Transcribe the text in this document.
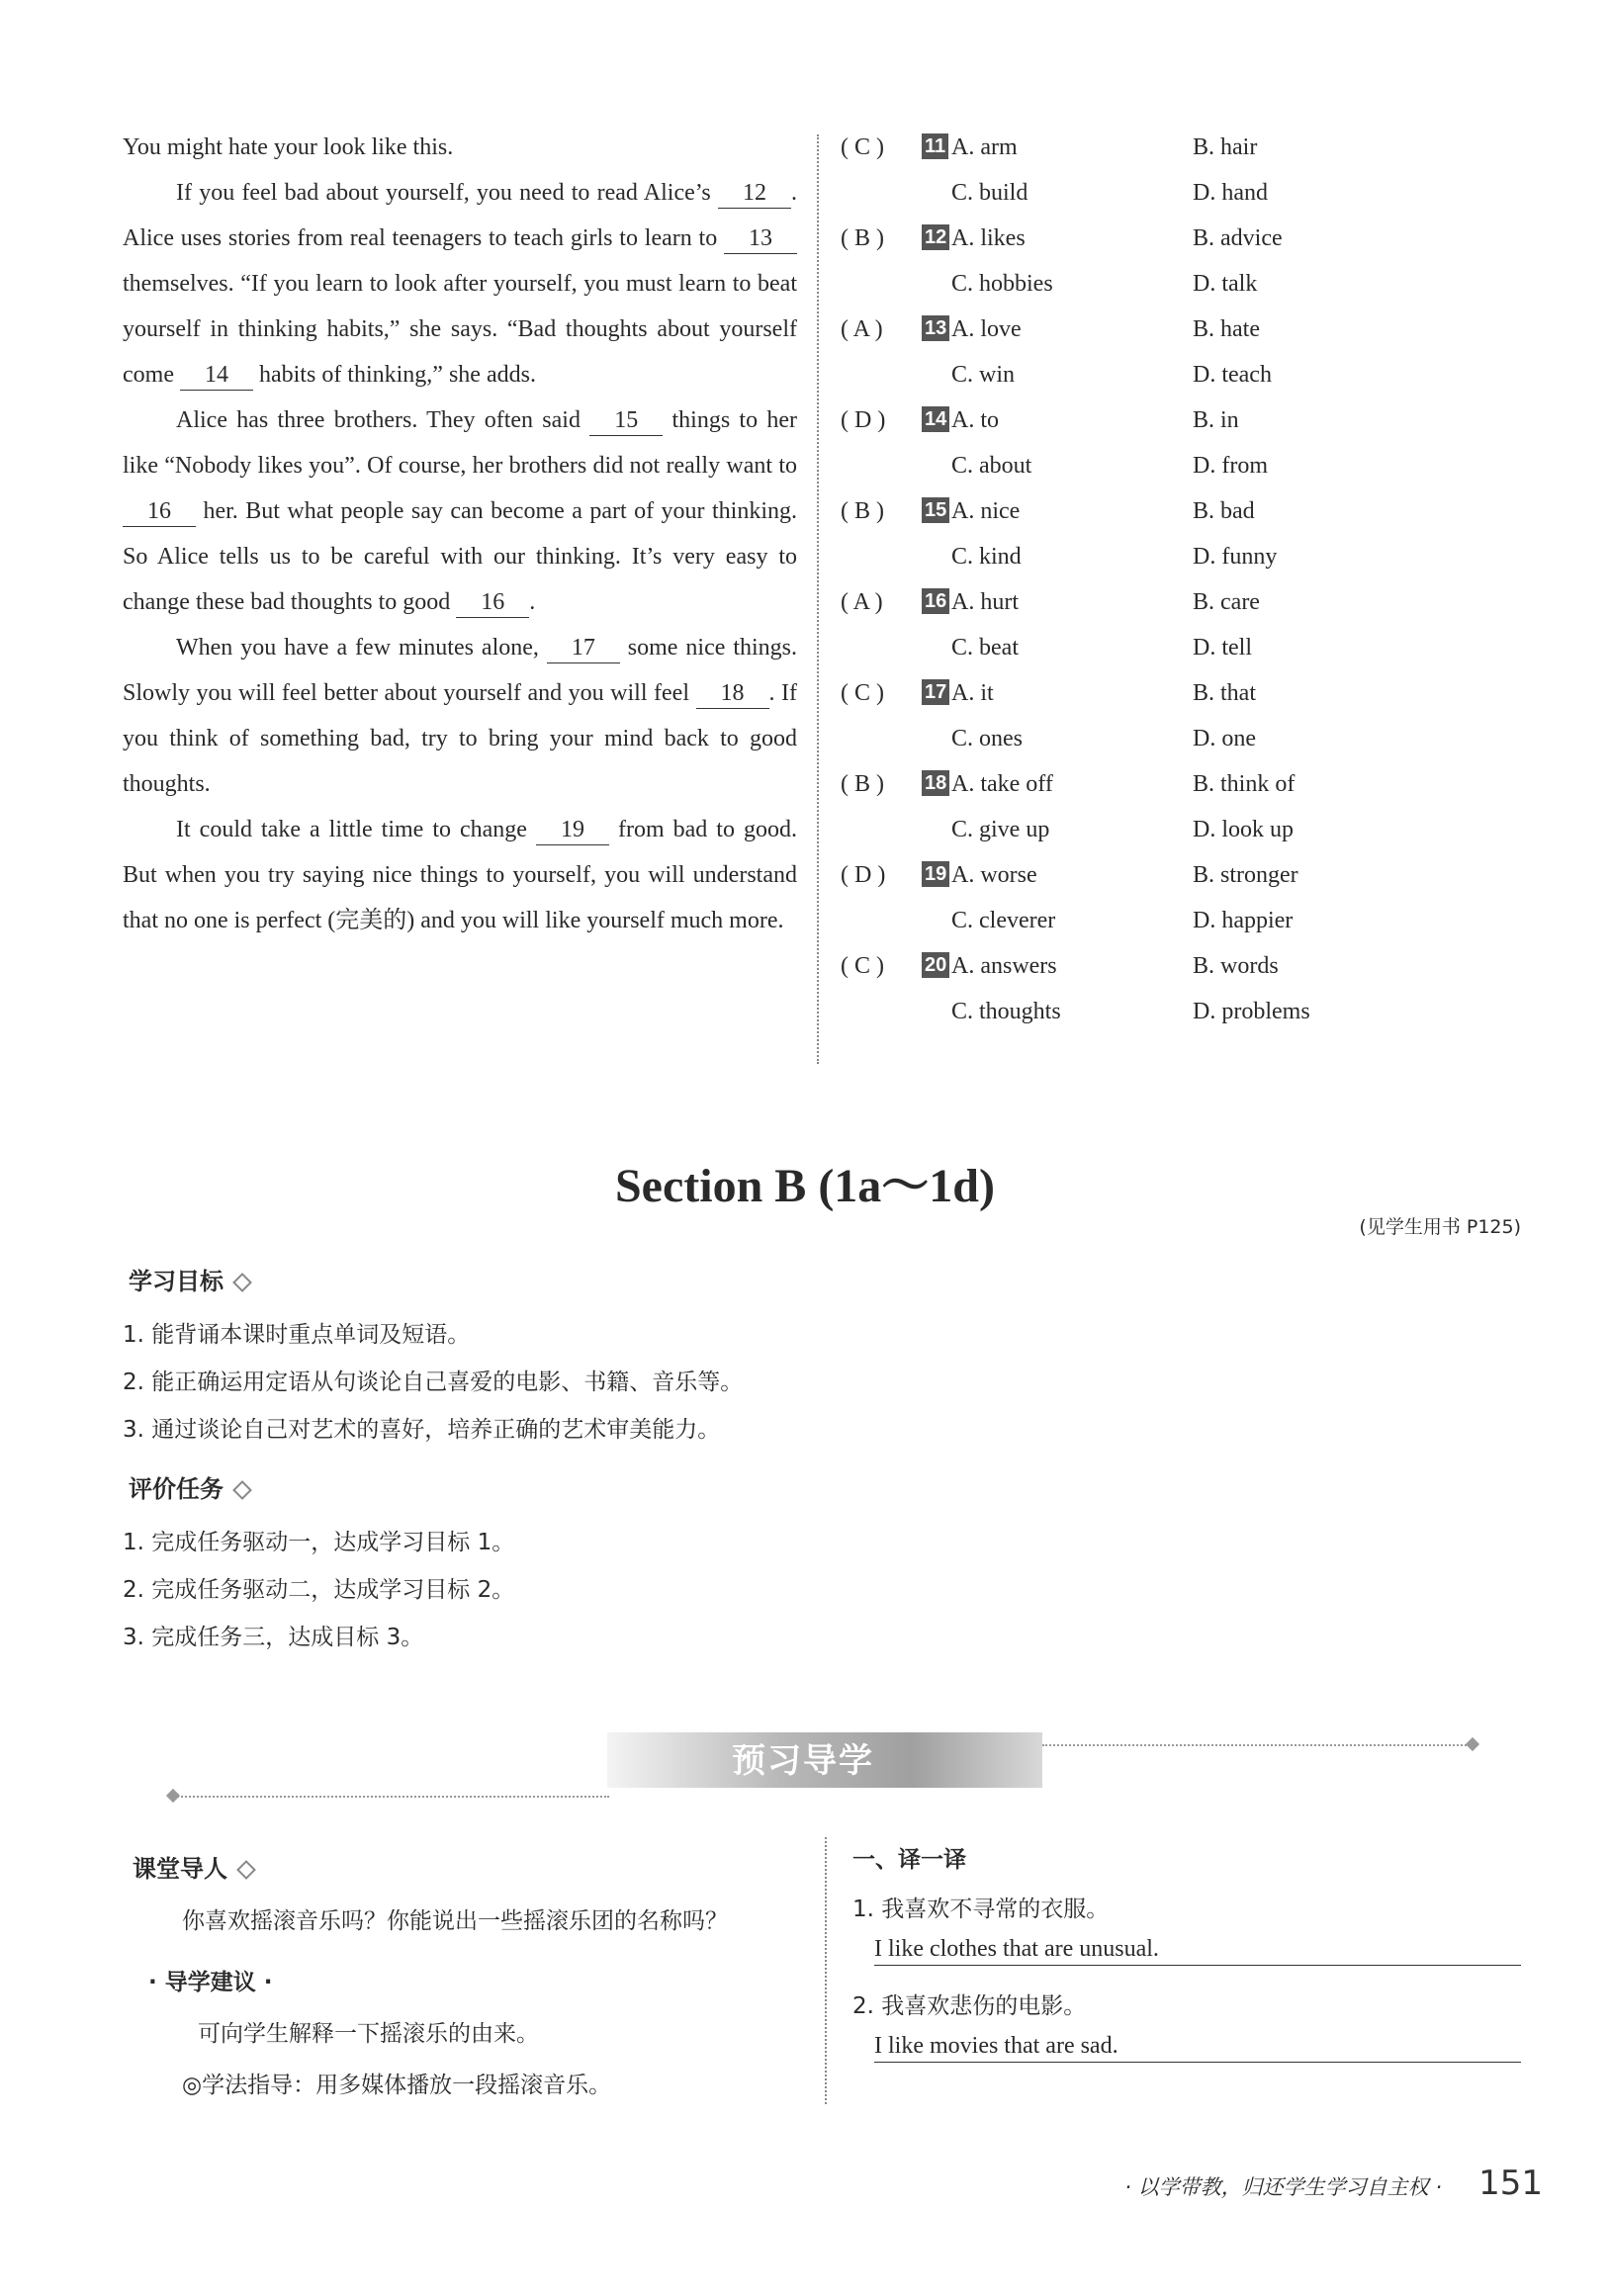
You might hate your look like this.

If you feel bad about yourself, you need to read Alice’s 12 . Alice uses stories from real teenagers to teach girls to learn to 13 themselves. “If you learn to look after yourself, you must learn to beat yourself in thinking habits,” she says. “Bad thoughts about yourself come 14 habits of thinking,” she adds.

Alice has three brothers. They often said 15 things to her like “Nobody likes you”. Of course, her brothers did not really want to 16 her. But what people say can become a part of your thinking. So Alice tells us to be careful with our thinking. It’s very easy to change these bad thoughts to good 16 .

When you have a few minutes alone, 17 some nice things. Slowly you will feel better about yourself and you will feel 18 . If you think of something bad, try to bring your mind back to good thoughts.

It could take a little time to change 19 from bad to good. But when you try saying nice things to yourself, you will understand that no one is perfect (完美的) and you will like yourself much more.

( C )	11 A. arm	B. hair
C. build	D. hand
( B )	12 A. likes	B. advice
C. hobbies	D. talk
( A )	13 A. love	B. hate
C. win	D. teach
( D )	14 A. to	B. in
C. about	D. from
( B )	15 A. nice	B. bad
C. kind	D. funny
( A )	16 A. hurt	B. care
C. beat	D. tell
( C )	17 A. it	B. that
C. ones	D. one
( B )	18 A. take off	B. think of
C. give up	D. look up
( D )	19 A. worse	B. stronger
C. cleverer	D. happier
( C )	20 A. answers	B. words
C. thoughts	D. problems
Section B (1a～1d)
(见学生用书 P125)
学习目标
1. 能背诵本课时重点单词及短语。
2. 能正确运用定语从句谈论自己喜爱的电影、书籍、音乐等。
3. 通过谈论自己对艺术的喜好，培养正确的艺术审美能力。
评价任务
1. 完成任务驱动一，达成学习目标 1。
2. 完成任务驱动二，达成学习目标 2。
3. 完成任务三，达成目标 3。
预习导学
课堂导人
你喜欢摇滚音乐吗？你能说出一些摇滚乐团的名称吗？
· 导学建议 ·
可向学生解释一下摇滚乐的由来。
◎学法指导：用多媒体播放一段摇滚音乐。
一、译一译
1. 我喜欢不寻常的衣服。
I like clothes that are unusual.
2. 我喜欢悲伤的电影。
I like movies that are sad.
· 以学带教，归还学生学习自主权 · 151
